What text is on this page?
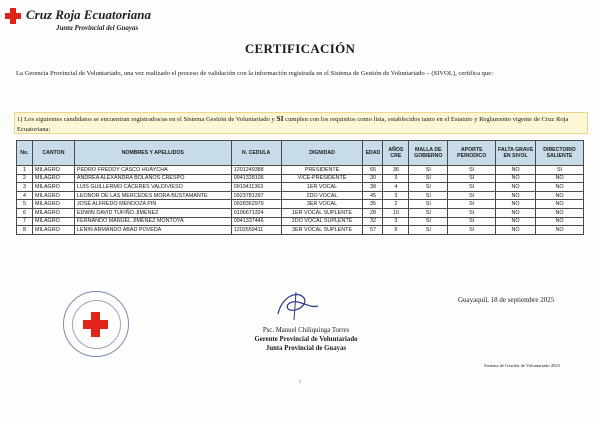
Cruz Roja Ecuatoriana
Junta Provincial del Guayas
CERTIFICACIÓN
La Gerencia Provincial de Voluntariado, una vez realizado el proceso de validación con la información registrada en el Sistema de Gestión de Voluntariado – (SIVOL), certifica que:
1) Los siguientes candidatos se encuentran registrados/as en el Sistema Gestión de Voluntariado y SI cumplen con los requisitos como lista, establecidos tanto en el Estatuto y Reglamento vigente de Cruz Roja Ecuatoriana:
No.	CANTON	NOMBRES Y APELLIDOS	N. CEDULA	DIGNIDAD	EDAD	AÑOS CRE	MALLA DE GOBIERNO	APORTE PERIODICO	FALTA GRAVE EN SIVOL	DIRECTORIO SALIENTE
1	MILAGRO	PEDRO FREDDY CASCO HUAYCHA	1201249388	PRESIDENTE	65	36	SI	SI	NO	SI
2	MILAGRO	ANDREA ALEXANDRA BOLAÑOS CRESPO	0941328106	VICE-PRESIDENTE	30	3	SI	SI	NO	NO
3	MILAGRO	LUIS GUILLERMO CÁCERES VALDIVIESO	0919411363	1ER VOCAL	38	4	SI	SI	NO	NO
4	MILAGRO	LEONOR DE LAS MERCEDES MORA BUSTAMANTE	0923781397	2DO VOCAL	45	3	SI	SI	NO	NO
5	MILAGRO	JOSÉ ALFREDO MENDOZA PIN	0928362979	3ER VOCAL	35	2	SI	SI	NO	NO
6	MILAGRO	EDWIN DAVID TUFIÑO JIMÉNEZ	0106671324	1ER VOCAL SUPLENTE	28	10	SI	SI	NO	NO
7	MILAGRO	FERNANDO MANUEL JIMÉNEZ MONTOYA	0941337446	2DO VOCAL SUPLENTE	32	3	SI	SI	NO	NO
8	MILAGRO	LENIN ARMANDO ABAD POVEDA	1202659411	3ER VOCAL SUPLENTE	57	9	SI	SI	NO	NO
Guayaquil, 18 de septiembre 2025
Psc. Manuel Chiliquinga Torres
Gerente Provincial de Voluntariado
Junta Provincial de Guayas
Sistema de Gestión de Voluntariado 2025
1
